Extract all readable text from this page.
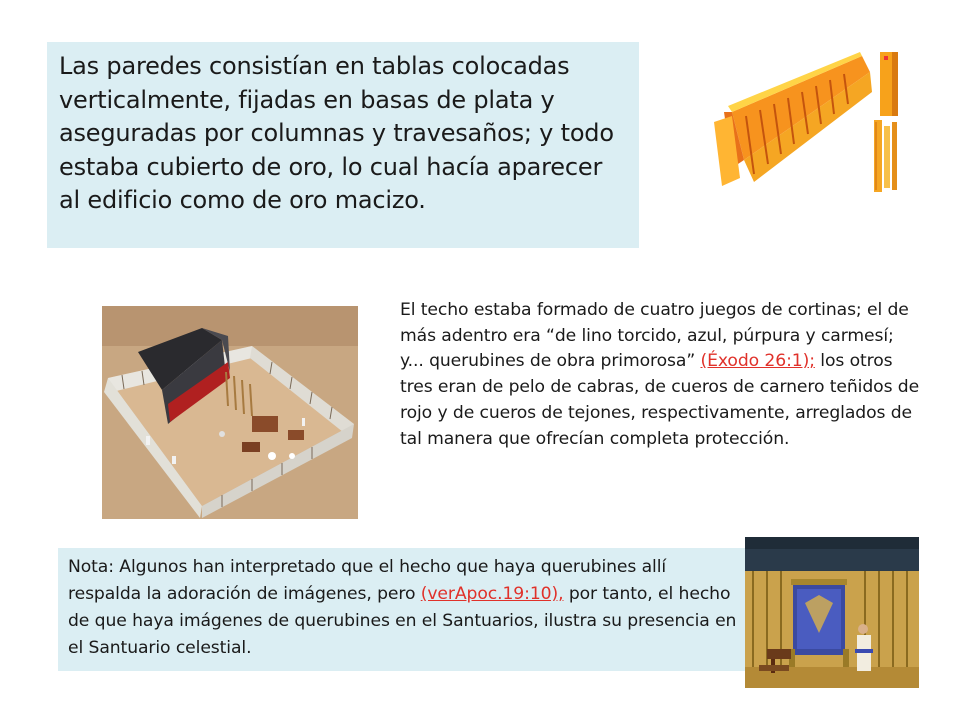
Las paredes consistían en tablas colocadas verticalmente, fijadas en basas de plata y aseguradas por columnas y travesaños; y todo estaba cubierto de oro, lo cual hacía aparecer al edificio como de oro macizo.
El techo estaba formado de cuatro juegos de cortinas; el de más adentro era “de lino torcido, azul, púrpura y carmesí; y... querubines de obra primorosa” (Éxodo 26:1); los otros tres eran de pelo de cabras, de cueros de carnero teñidos de rojo y de cueros de tejones, respectivamente, arreglados de tal manera que ofrecían completa protección.
Nota: Algunos han interpretado que el hecho que haya querubines allí respalda la adoración de imágenes, pero (verApoc.19:10), por tanto, el hecho de que haya imágenes de querubines en el Santuarios, ilustra su presencia en el Santuario celestial.
